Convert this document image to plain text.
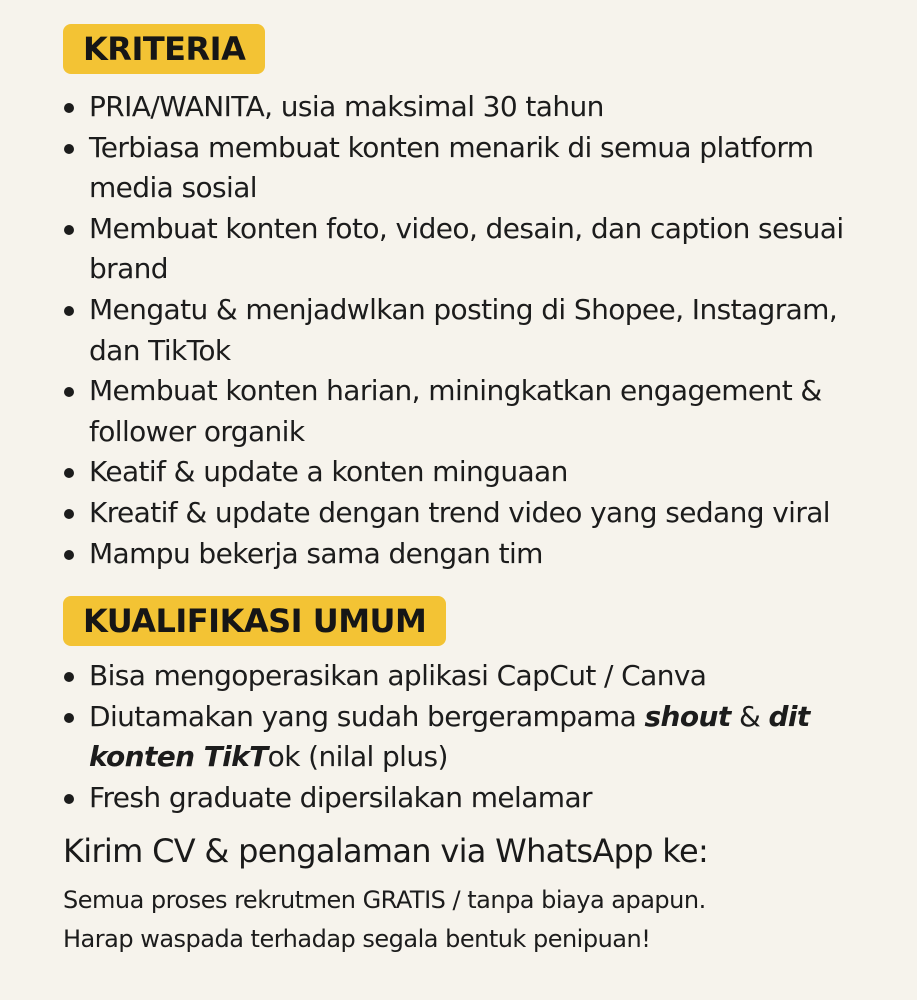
KRITERIA
PRIA/WANITA, usia maksimal 30 tahun
Terbiasa membuat konten menarik di semua platform media sosial
Membuat konten foto, video, desain, dan caption sesuai brand
Mengatu & menjadwlkan posting di Shopee, Instagram, dan TikTok
Membuat konten harian, miningkatkan engagement & follower organik
Keatif & update a konten minguaan
Kreatif & update dengan trend video yang sedang viral
Mampu bekerja sama dengan tim
KUALIFIKASI UMUM
Bisa mengoperasikan aplikasi CapCut / Canva
Diutamakan yang sudah bergerampama shout & dit konten TikTok (nilal plus)
Fresh graduate dipersilakan melamar
Kirim CV & pengalaman via WhatsApp ke:

Semua proses rekrutmen GRATIS / tanpa biaya apapun.

Harap waspada terhadap segala bentuk penipuan!
